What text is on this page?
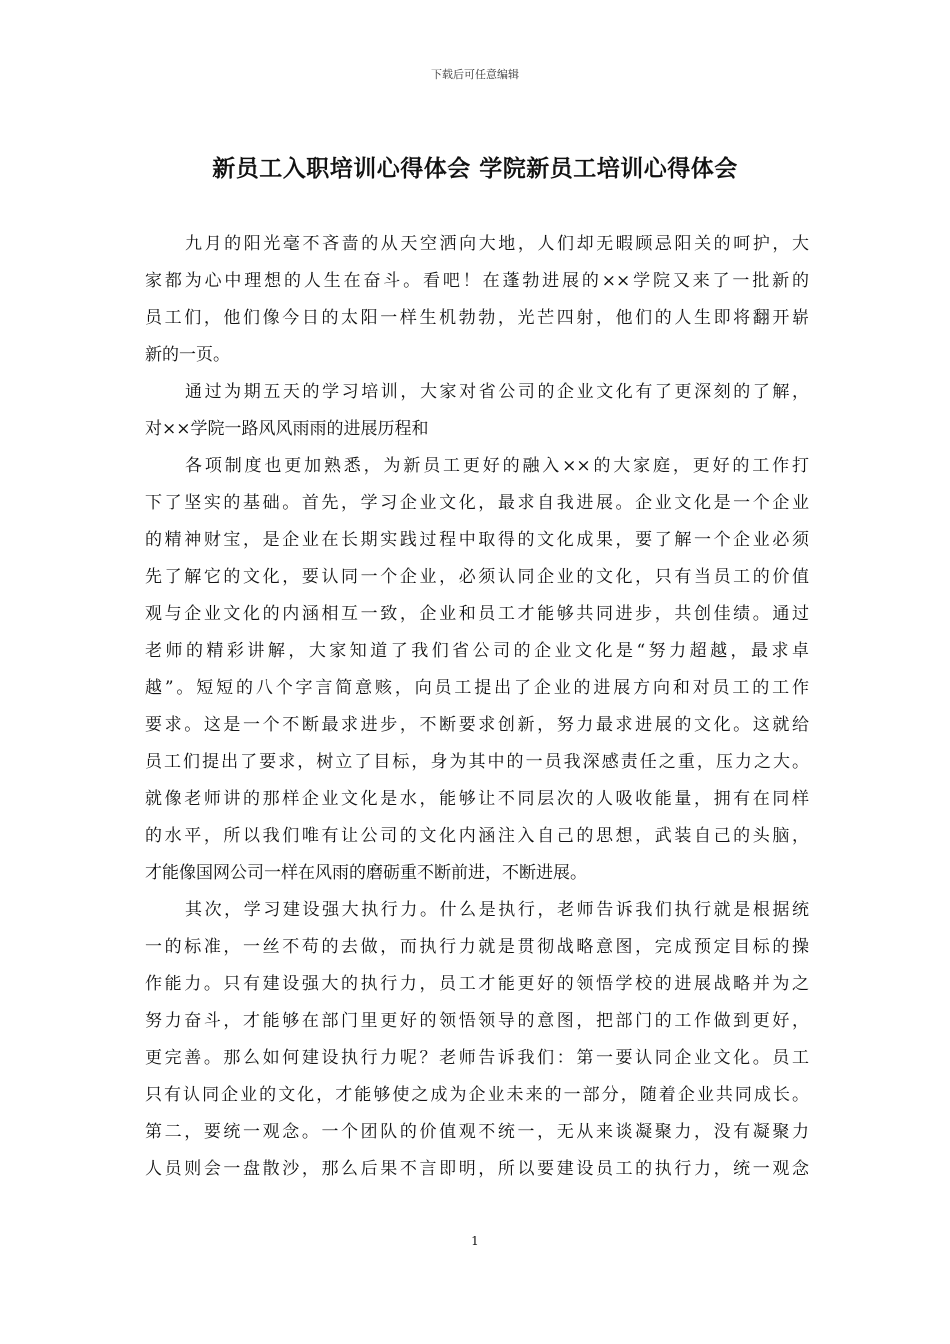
下载后可任意编辑
新员工入职培训心得体会 学院新员工培训心得体会
九月的阳光毫不吝啬的从天空洒向大地，人们却无暇顾忌阳关的呵护，大
家都为心中理想的人生在奋斗。看吧！在蓬勃进展的××学院又来了一批新的
员工们，他们像今日的太阳一样生机勃勃，光芒四射，他们的人生即将翻开崭
新的一页。
通过为期五天的学习培训，大家对省公司的企业文化有了更深刻的了解，
对××学院一路风风雨雨的进展历程和
各项制度也更加熟悉，为新员工更好的融入××的大家庭，更好的工作打
下了坚实的基础。首先，学习企业文化，最求自我进展。企业文化是一个企业
的精神财宝，是企业在长期实践过程中取得的文化成果，要了解一个企业必须
先了解它的文化，要认同一个企业，必须认同企业的文化，只有当员工的价值
观与企业文化的内涵相互一致，企业和员工才能够共同进步，共创佳绩。通过
老师的精彩讲解，大家知道了我们省公司的企业文化是“努力超越，最求卓
越”。短短的八个字言简意赅，向员工提出了企业的进展方向和对员工的工作
要求。这是一个不断最求进步，不断要求创新，努力最求进展的文化。这就给
员工们提出了要求，树立了目标，身为其中的一员我深感责任之重，压力之大。
就像老师讲的那样企业文化是水，能够让不同层次的人吸收能量，拥有在同样
的水平，所以我们唯有让公司的文化内涵注入自己的思想，武装自己的头脑，
才能像国网公司一样在风雨的磨砺重不断前进，不断进展。
其次，学习建设强大执行力。什么是执行，老师告诉我们执行就是根据统
一的标准，一丝不苟的去做，而执行力就是贯彻战略意图，完成预定目标的操
作能力。只有建设强大的执行力，员工才能更好的领悟学校的进展战略并为之
努力奋斗，才能够在部门里更好的领悟领导的意图，把部门的工作做到更好，
更完善。那么如何建设执行力呢？老师告诉我们：第一要认同企业文化。员工
只有认同企业的文化，才能够使之成为企业未来的一部分，随着企业共同成长。
第二，要统一观念。一个团队的价值观不统一，无从来谈凝聚力，没有凝聚力
人员则会一盘散沙，那么后果不言即明，所以要建设员工的执行力，统一观念
1
